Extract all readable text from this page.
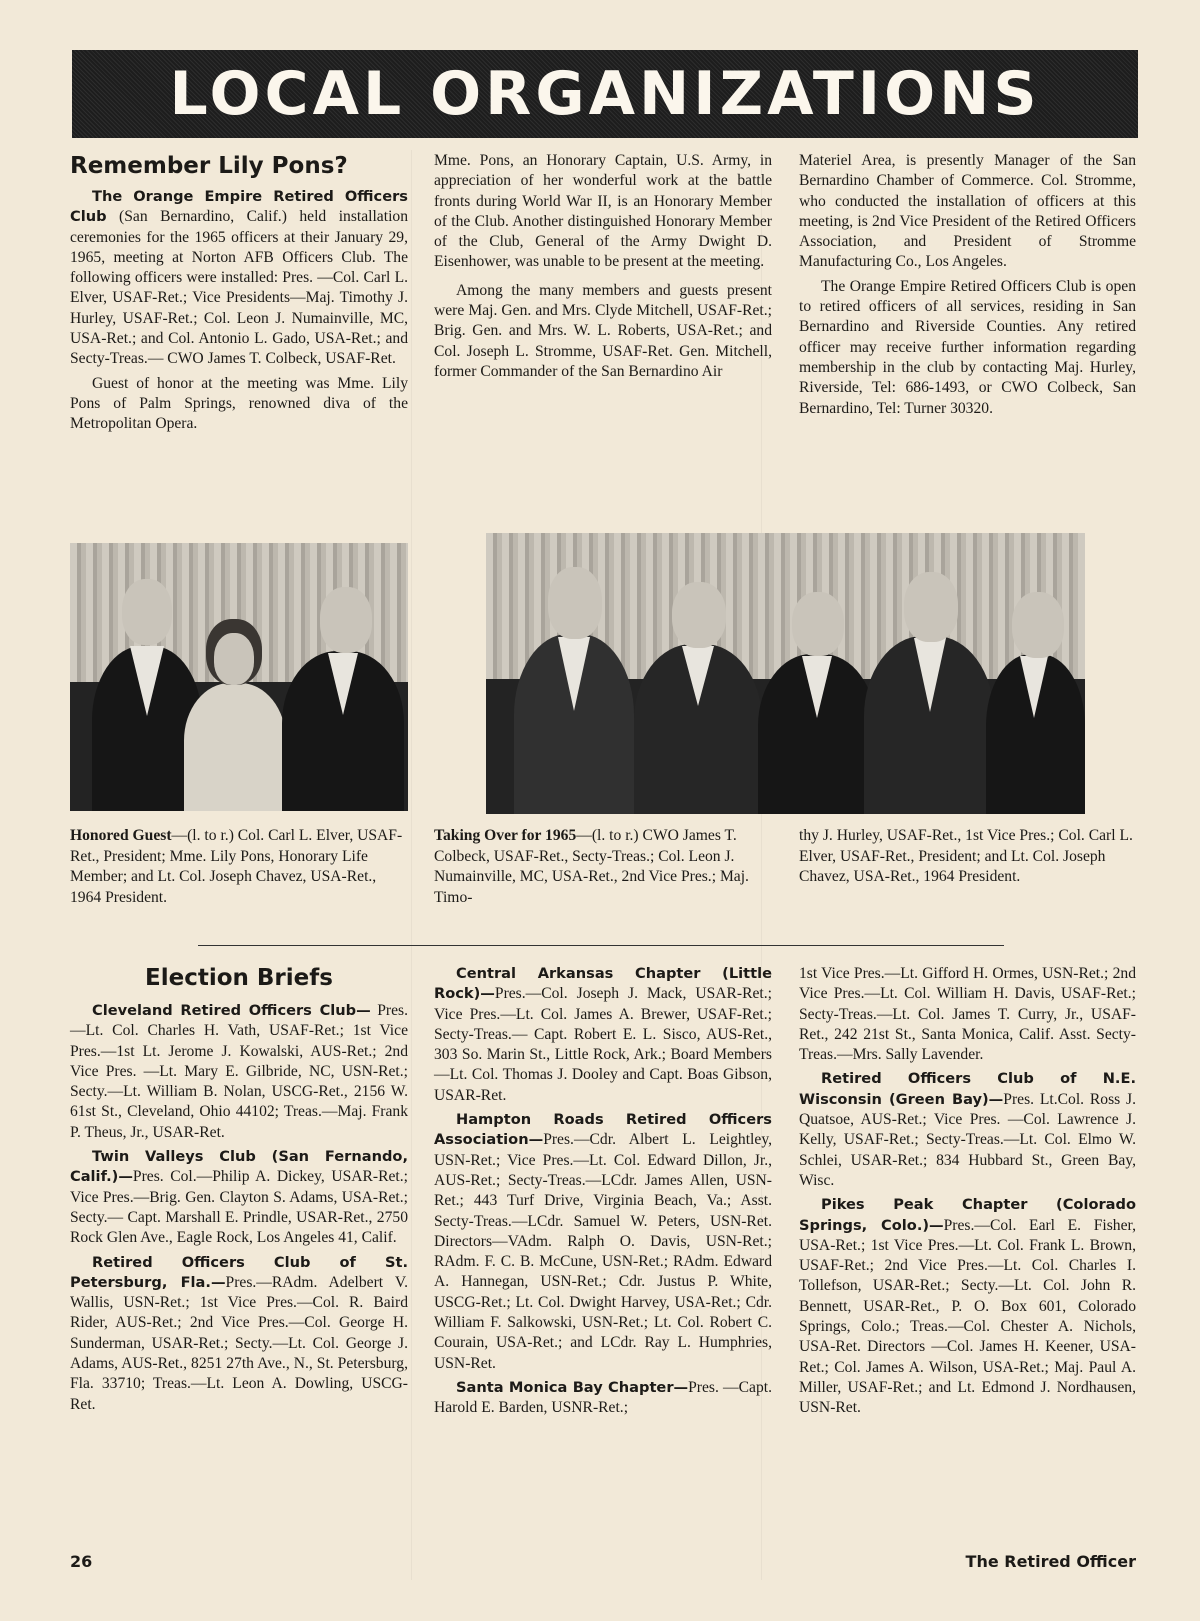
LOCAL ORGANIZATIONS
Remember Lily Pons?

The Orange Empire Retired Officers Club (San Bernardino, Calif.) held installation ceremonies for the 1965 officers at their January 29, 1965, meeting at Norton AFB Officers Club. The following officers were installed: Pres. —Col. Carl L. Elver, USAF-Ret.; Vice Presidents—Maj. Timothy J. Hurley, USAF-Ret.; Col. Leon J. Numainville, MC, USA-Ret.; and Col. Antonio L. Gado, USA-Ret.; and Secty-Treas.— CWO James T. Colbeck, USAF-Ret.

Guest of honor at the meeting was Mme. Lily Pons of Palm Springs, renowned diva of the Metropolitan Opera.

Mme. Pons, an Honorary Captain, U.S. Army, in appreciation of her wonderful work at the battle fronts during World War II, is an Honorary Member of the Club. Another distinguished Honorary Member of the Club, General of the Army Dwight D. Eisenhower, was unable to be present at the meeting.

Among the many members and guests present were Maj. Gen. and Mrs. Clyde Mitchell, USAF-Ret.; Brig. Gen. and Mrs. W. L. Roberts, USA-Ret.; and Col. Joseph L. Stromme, USAF-Ret. Gen. Mitchell, former Commander of the San Bernardino Air

Materiel Area, is presently Manager of the San Bernardino Chamber of Commerce. Col. Stromme, who conducted the installation of officers at this meeting, is 2nd Vice President of the Retired Officers Association, and President of Stromme Manufacturing Co., Los Angeles.

The Orange Empire Retired Officers Club is open to retired officers of all services, residing in San Bernardino and Riverside Counties. Any retired officer may receive further information regarding membership in the club by contacting Maj. Hurley, Riverside, Tel: 686-1493, or CWO Colbeck, San Bernardino, Tel: Turner 30320.

Honored Guest—(l. to r.) Col. Carl L. Elver, USAF-Ret., President; Mme. Lily Pons, Honorary Life Member; and Lt. Col. Joseph Chavez, USA-Ret., 1964 President.
Taking Over for 1965—(l. to r.) CWO James T. Colbeck, USAF-Ret., Secty-Treas.; Col. Leon J. Numainville, MC, USA-Ret., 2nd Vice Pres.; Maj. Timo-
thy J. Hurley, USAF-Ret., 1st Vice Pres.; Col. Carl L. Elver, USAF-Ret., President; and Lt. Col. Joseph Chavez, USA-Ret., 1964 President.
Election Briefs

Cleveland Retired Officers Club— Pres.—Lt. Col. Charles H. Vath, USAF-Ret.; 1st Vice Pres.—1st Lt. Jerome J. Kowalski, AUS-Ret.; 2nd Vice Pres. —Lt. Mary E. Gilbride, NC, USN-Ret.; Secty.—Lt. William B. Nolan, USCG-Ret., 2156 W. 61st St., Cleveland, Ohio 44102; Treas.—Maj. Frank P. Theus, Jr., USAR-Ret.

Twin Valleys Club (San Fernando, Calif.)—Pres. Col.—Philip A. Dickey, USAR-Ret.; Vice Pres.—Brig. Gen. Clayton S. Adams, USA-Ret.; Secty.— Capt. Marshall E. Prindle, USAR-Ret., 2750 Rock Glen Ave., Eagle Rock, Los Angeles 41, Calif.

Retired Officers Club of St. Petersburg, Fla.—Pres.—RAdm. Adelbert V. Wallis, USN-Ret.; 1st Vice Pres.—Col. R. Baird Rider, AUS-Ret.; 2nd Vice Pres.—Col. George H. Sunderman, USAR-Ret.; Secty.—Lt. Col. George J. Adams, AUS-Ret., 8251 27th Ave., N., St. Petersburg, Fla. 33710; Treas.—Lt. Leon A. Dowling, USCG-Ret.

Central Arkansas Chapter (Little Rock)—Pres.—Col. Joseph J. Mack, USAR-Ret.; Vice Pres.—Lt. Col. James A. Brewer, USAF-Ret.; Secty-Treas.— Capt. Robert E. L. Sisco, AUS-Ret., 303 So. Marin St., Little Rock, Ark.; Board Members—Lt. Col. Thomas J. Dooley and Capt. Boas Gibson, USAR-Ret.

Hampton Roads Retired Officers Association—Pres.—Cdr. Albert L. Leightley, USN-Ret.; Vice Pres.—Lt. Col. Edward Dillon, Jr., AUS-Ret.; Secty-Treas.—LCdr. James Allen, USN-Ret.; 443 Turf Drive, Virginia Beach, Va.; Asst. Secty-Treas.—LCdr. Samuel W. Peters, USN-Ret. Directors—VAdm. Ralph O. Davis, USN-Ret.; RAdm. F. C. B. McCune, USN-Ret.; RAdm. Edward A. Hannegan, USN-Ret.; Cdr. Justus P. White, USCG-Ret.; Lt. Col. Dwight Harvey, USA-Ret.; Cdr. William F. Salkowski, USN-Ret.; Lt. Col. Robert C. Courain, USA-Ret.; and LCdr. Ray L. Humphries, USN-Ret.

Santa Monica Bay Chapter—Pres. —Capt. Harold E. Barden, USNR-Ret.;

1st Vice Pres.—Lt. Gifford H. Ormes, USN-Ret.; 2nd Vice Pres.—Lt. Col. William H. Davis, USAF-Ret.; Secty-Treas.—Lt. Col. James T. Curry, Jr., USAF-Ret., 242 21st St., Santa Monica, Calif. Asst. Secty-Treas.—Mrs. Sally Lavender.

Retired Officers Club of N.E. Wisconsin (Green Bay)—Pres. Lt.Col. Ross J. Quatsoe, AUS-Ret.; Vice Pres. —Col. Lawrence J. Kelly, USAF-Ret.; Secty-Treas.—Lt. Col. Elmo W. Schlei, USAR-Ret.; 834 Hubbard St., Green Bay, Wisc.

Pikes Peak Chapter (Colorado Springs, Colo.)—Pres.—Col. Earl E. Fisher, USA-Ret.; 1st Vice Pres.—Lt. Col. Frank L. Brown, USAF-Ret.; 2nd Vice Pres.—Lt. Col. Charles I. Tollefson, USAR-Ret.; Secty.—Lt. Col. John R. Bennett, USAR-Ret., P. O. Box 601, Colorado Springs, Colo.; Treas.—Col. Chester A. Nichols, USA-Ret. Directors —Col. James H. Keener, USA-Ret.; Col. James A. Wilson, USA-Ret.; Maj. Paul A. Miller, USAF-Ret.; and Lt. Edmond J. Nordhausen, USN-Ret.

26	The Retired Officer
